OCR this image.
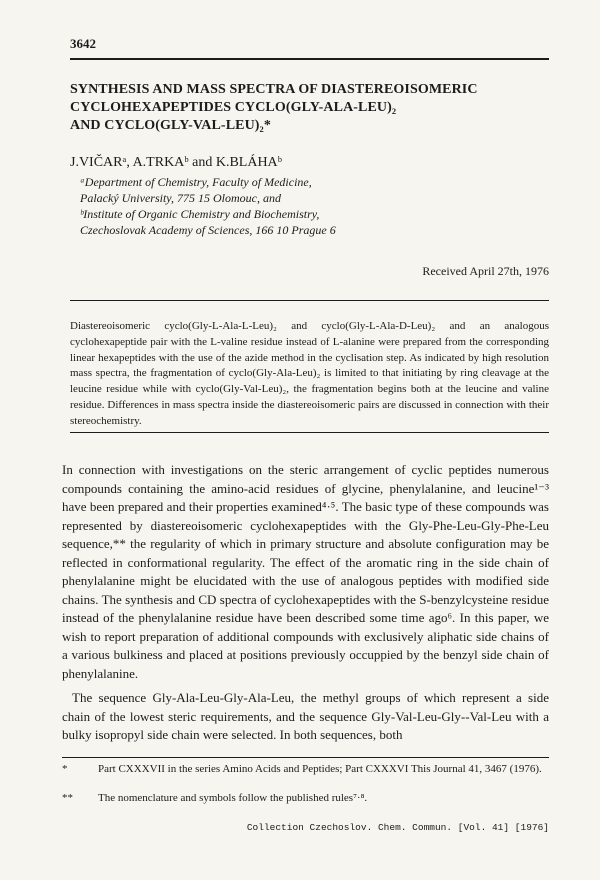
3642
SYNTHESIS AND MASS SPECTRA OF DIASTEREOISOMERIC
CYCLOHEXAPEPTIDES CYCLO(GLY-ALA-LEU)₂
AND CYCLO(GLY-VAL-LEU)₂*
J.VIČARᵃ, A.TRKAᵇ and K.BLÁHAᵇ
ᵃDepartment of Chemistry, Faculty of Medicine,
Palacký University, 775 15 Olomouc, and
ᵇInstitute of Organic Chemistry and Biochemistry,
Czechoslovak Academy of Sciences, 166 10 Prague 6
Received April 27th, 1976

Diastereoisomeric cyclo(Gly-L-Ala-L-Leu)₂ and cyclo(Gly-L-Ala-D-Leu)₂ and an analogous cyclohexapeptide pair with the L-valine residue instead of L-alanine were prepared from the corresponding linear hexapeptides with the use of the azide method in the cyclisation step. As indicated by high resolution mass spectra, the fragmentation of cyclo(Gly-Ala-Leu)₂ is limited to that initiating by ring cleavage at the leucine residue while with cyclo(Gly-Val-Leu)₂, the fragmentation begins both at the leucine and valine residue. Differences in mass spectra inside the diastereoisomeric pairs are discussed in connection with their stereochemistry.

In connection with investigations on the steric arrangement of cyclic peptides numerous compounds containing the amino-acid residues of glycine, phenylalanine, and leucine¹⁻³ have been prepared and their properties examined⁴·⁵. The basic type of these compounds was represented by diastereoisomeric cyclohexapeptides with the Gly-Phe-Leu-Gly-Phe-Leu sequence,** the regularity of which in primary structure and absolute configuration may be reflected in conformational regularity. The effect of the aromatic ring in the side chain of phenylalanine might be elucidated with the use of analogous peptides with modified side chains. The synthesis and CD spectra of cyclohexapeptides with the S-benzylcysteine residue instead of the phenylalanine residue have been described some time ago⁶. In this paper, we wish to report preparation of additional compounds with exclusively aliphatic side chains of a various bulkiness and placed at positions previously occuppied by the benzyl side chain of phenylalanine.

The sequence Gly-Ala-Leu-Gly-Ala-Leu, the methyl groups of which represent a side chain of the lowest steric requirements, and the sequence Gly-Val-Leu-Gly--Val-Leu with a bulky isopropyl side chain were selected. In both sequences, both

*	Part CXXXVII in the series Amino Acids and Peptides; Part CXXXVI This Journal 41, 3467 (1976).
** The nomenclature and symbols follow the published rules⁷·⁸.
Collection Czechoslov. Chem. Commun. [Vol. 41] [1976]
